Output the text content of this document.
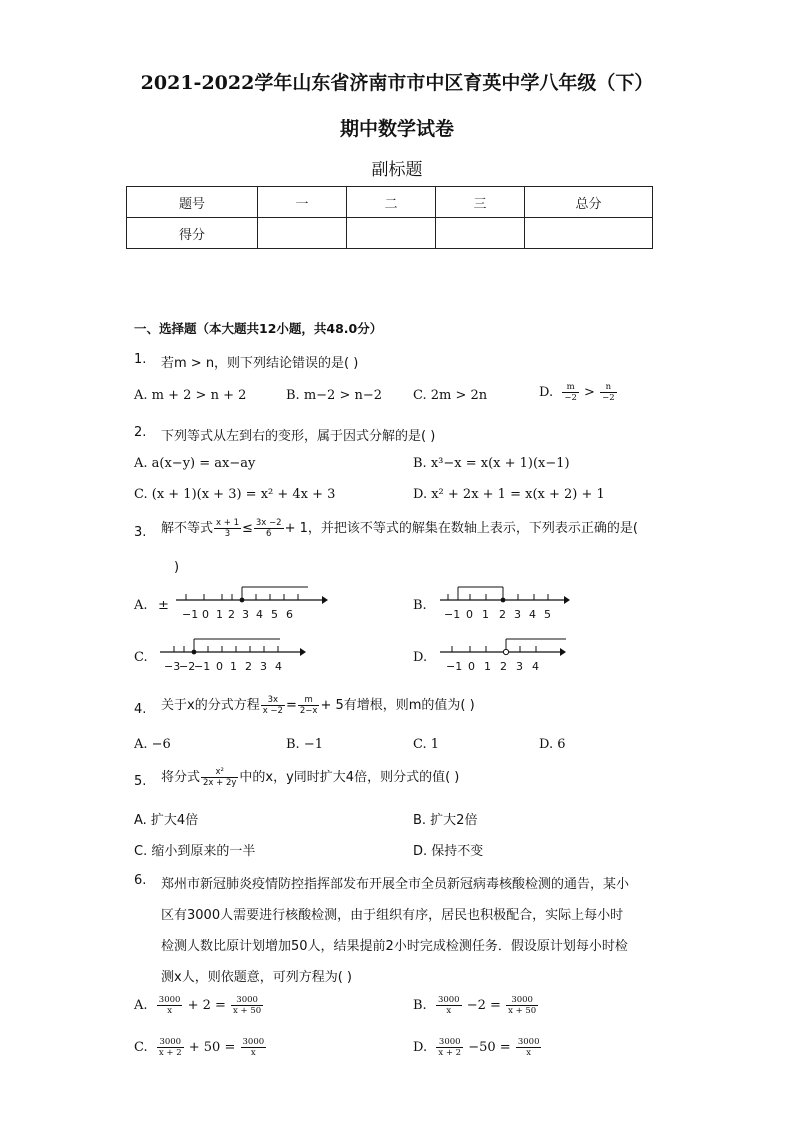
2021-2022学年山东省济南市市中区育英中学八年级（下）
期中数学试卷
副标题
题号	一	二	三	总分
得分				
一、选择题（本大题共12小题，共48.0分）
1. 若m > n，则下列结论错误的是( )
A. m + 2 > n + 2	B. m−2 > n−2 C. 2m > 2n	D. $\frac{m}{-2} > \frac{n}{-2}$
2. 下列等式从左到右的变形，属于因式分解的是( )
A. a(x−y) = ax−ay	B. x³−x = x(x + 1)(x−1)
C. (x + 1)(x + 3) = x² + 4x + 3	D. x² + 2x + 1 = x(x + 2) + 1
3. 解不等式 $\frac{x + 1}{3} \le \frac{3x -2}{6} + 1$，并把该不等式的解集在数轴上表示，下列表示正确的是(
)
A. ±
−1 0 1 2 3 4 5 6
B.
−1 0 1 2 3 4 5
C.
−3
−2
−1 0 1 2 3 4
D.
−1 0 1 2 3 4
4. 关于x的分式方程 $\frac{3x}{x -2} = \frac{m}{2-x} + 5$有增根，则m的值为( )
A. −6	B. −1	C. 1	D. 6
5. 将分式 $\frac{\text{x²}}{2x + 2y}$ 中的x，y同时扩大4倍，则分式的值( )
A. 扩大4倍	B. 扩大2倍
C. 缩小到原来的一半	D. 保持不变
6. 郑州市新冠肺炎疫情防控指挥部发布开展全市全员新冠病毒核酸检测的通告，某小
区有3000人需要进行核酸检测，由于组织有序，居民也积极配合，实际上每小时
检测人数比原计划增加50人，结果提前2小时完成检测任务．假设原计划每小时检
测x人，则依题意，可列方程为( )
A. $\frac{3000}{x} + 2 = \frac{3000}{x + 50}$	B. $\frac{3000}{x} -2 = \frac{3000}{x + 50}$
C. $\frac{3000}{x + 2} + 50 = \frac{3000}{x}$	D. $\frac{3000}{x + 2} -50 = \frac{3000}{x}$
